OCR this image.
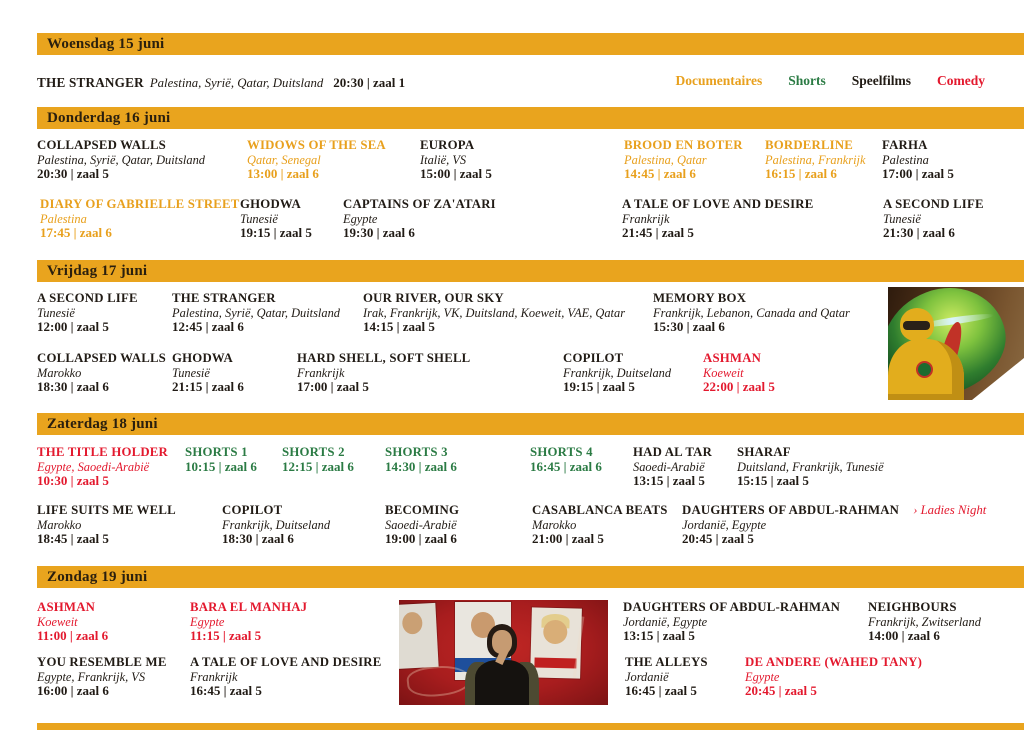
Woensdag 15 juni
THE STRANGER Palestina, Syrië, Qatar, Duitsland 20:30 | zaal 1
Donderdag 16 juni
COLLAPSED WALLS
Palestina, Syrië, Qatar, Duitsland
20:30 | zaal 5
WIDOWS OF THE SEA
Qatar, Senegal
13:00 | zaal 6
EUROPA
Italië, VS
15:00 | zaal 5
BROOD EN BOTER
Palestina, Qatar
14:45 | zaal 6
BORDERLINE
Palestina, Frankrijk
16:15 | zaal 6
FARHA
Palestina
17:00 | zaal 5
DIARY OF GABRIELLE STREET
Palestina
17:45 | zaal 6
GHODWA
Tunesië
19:15 | zaal 5
CAPTAINS OF ZA'ATARI
Egypte
19:30 | zaal 6
A TALE OF LOVE AND DESIRE
Frankrijk
21:45 | zaal 5
A SECOND LIFE
Tunesië
21:30 | zaal 6
Vrijdag 17 juni
A SECOND LIFE
Tunesië
12:00 | zaal 5
THE STRANGER
Palestina, Syrië, Qatar, Duitsland
12:45 | zaal 6
OUR RIVER, OUR SKY
Irak, Frankrijk, VK, Duitsland, Koeweit, VAE, Qatar
14:15 | zaal 5
MEMORY BOX
Frankrijk, Lebanon, Canada and Qatar
15:30 | zaal 6
COLLAPSED WALLS
Marokko
18:30 | zaal 6
GHODWA
Tunesië
21:15 | zaal 6
HARD SHELL, SOFT SHELL
Frankrijk
17:00 | zaal 5
COPILOT
Frankrijk, Duitseland
19:15 | zaal 5
ASHMAN
Koeweit
22:00 | zaal 5
Zaterdag 18 juni
THE TITLE HOLDER
Egypte, Saoedi-Arabië
10:30 | zaal 5
SHORTS 1
10:15 | zaal 6
SHORTS 2
12:15 | zaal 6
SHORTS 3
14:30 | zaal 6
SHORTS 4
16:45 | zaal 6
HAD AL TAR
Saoedi-Arabië
13:15 | zaal 5
SHARAF
Duitsland, Frankrijk, Tunesië
15:15 | zaal 5
LIFE SUITS ME WELL
Marokko
18:45 | zaal 5
COPILOT
Frankrijk, Duitseland
18:30 | zaal 6
BECOMING
Saoedi-Arabië
19:00 | zaal 6
CASABLANCA BEATS
Marokko
21:00 | zaal 5
DAUGHTERS OF ABDUL-RAHMAN › Ladies Night
Jordanië, Egypte
20:45 | zaal 5
Zondag 19 juni
ASHMAN
Koeweit
11:00 | zaal 6
BARA EL MANHAJ
Egypte
11:15 | zaal 5
DAUGHTERS OF ABDUL-RAHMAN
Jordanië, Egypte
13:15 | zaal 5
NEIGHBOURS
Frankrijk, Zwitserland
14:00 | zaal 6
YOU RESEMBLE ME
Egypte, Frankrijk, VS
16:00 | zaal 6
A TALE OF LOVE AND DESIRE
Frankrijk
16:45 | zaal 5
THE ALLEYS
Jordanië
16:45 | zaal 5
DE ANDERE (WAHED TANY)
Egypte
20:45 | zaal 5
Documentaires Shorts Speelfilms Comedy
